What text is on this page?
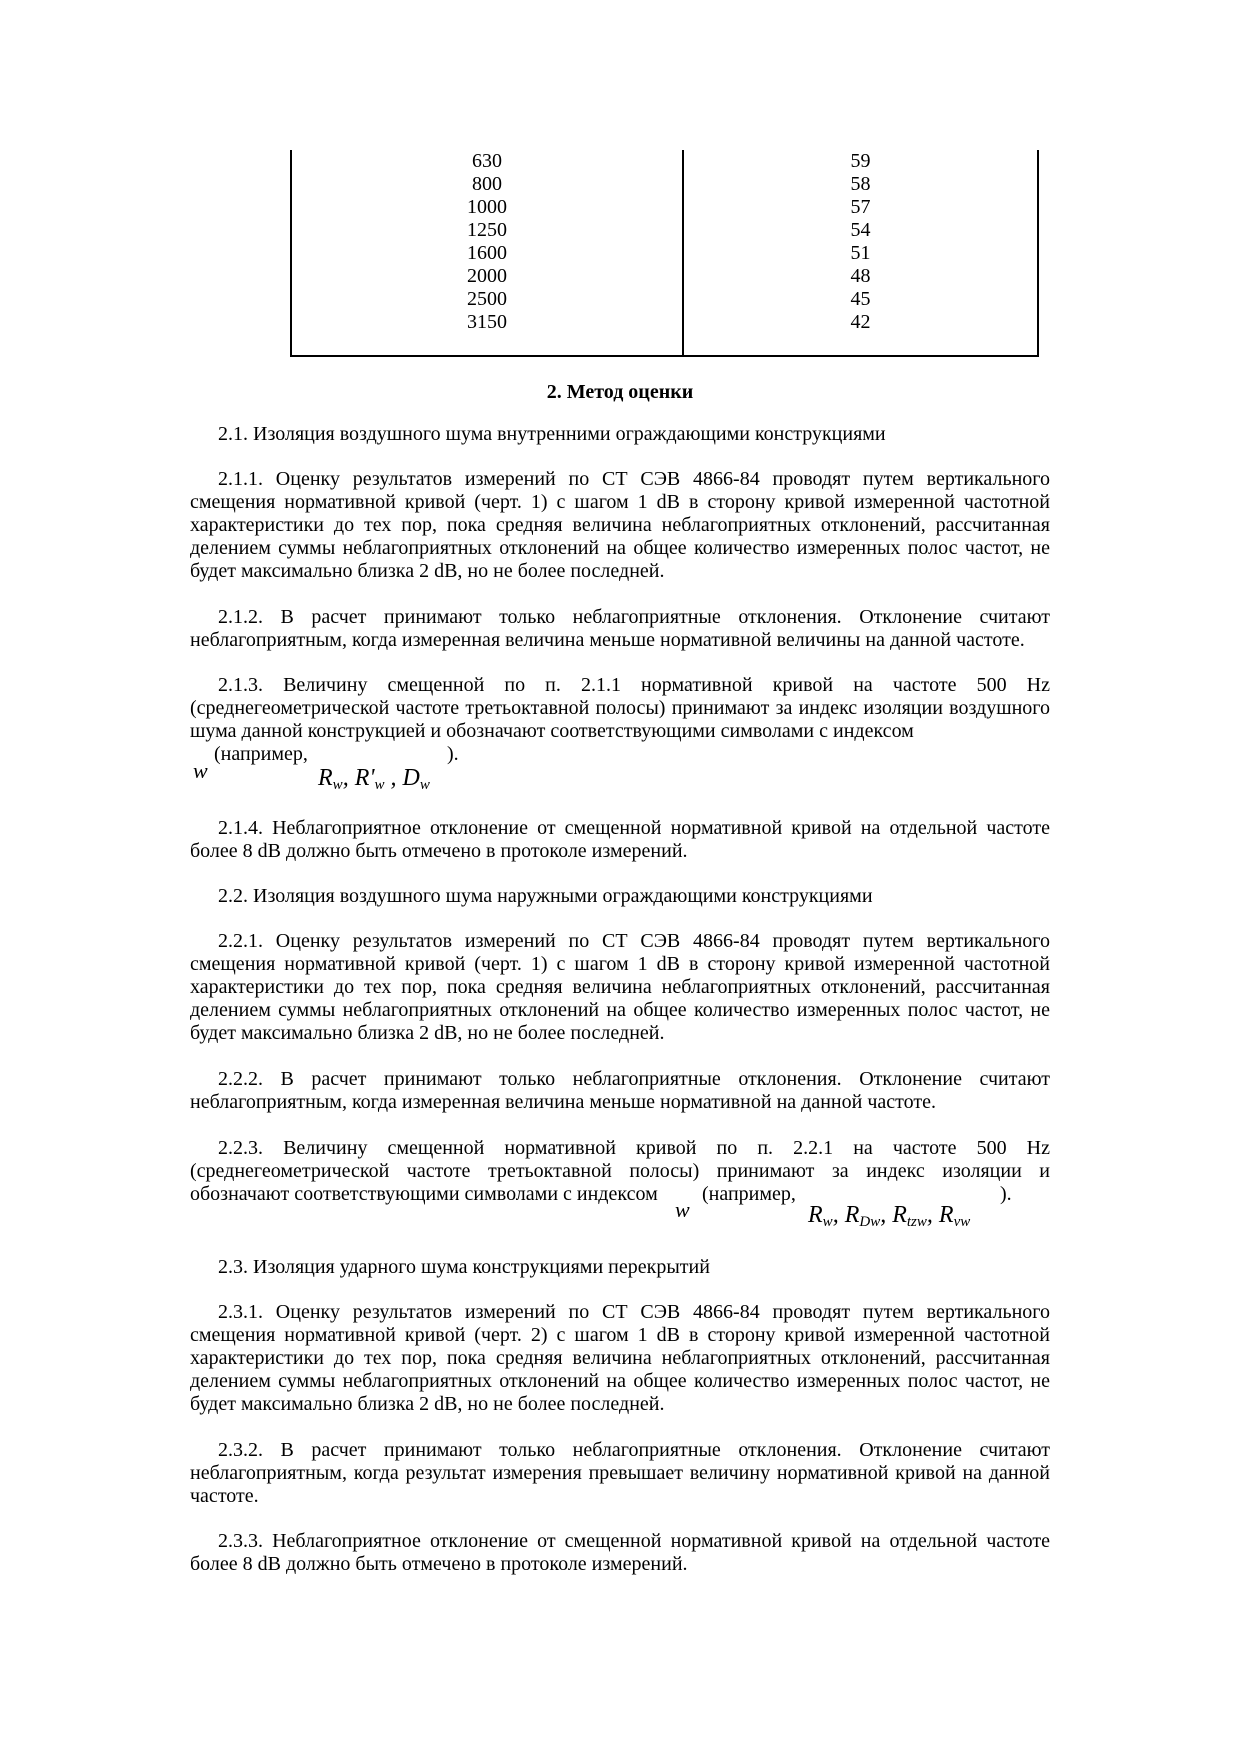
630
800
1000
1250
1600
2000
2500
3150
59
58
57
54
51
48
45
42
2. Метод оценки

2.1. Изоляция воздушного шума внутренними ограждающими конструкциями

2.1.1. Оценку результатов измерений по СТ СЭВ 4866-84 проводят путем вертикального смещения нормативной кривой (черт. 1) с шагом 1 dB в сторону кривой измеренной частотной характеристики до тех пор, пока средняя величина неблагоприятных отклонений, рассчитанная делением суммы неблагоприятных отклонений на общее количество измеренных полос частот, не будет максимально близка 2 dB, но не более последней.

2.1.2. В расчет принимают только неблагоприятные отклонения. Отклонение считают неблагоприятным, когда измеренная величина меньше нормативной величины на данной частоте.

2.1.3. Величину смещенной по п. 2.1.1 нормативной кривой на частоте 500 Hz (среднегеометрической частоте третьоктавной полосы) принимают за индекс изоляции воздушного шума данной конструкцией и обозначают соответствующими символами с индексом

w
(например,	).
$R_w$, $R'_w$ , $D_w$

2.1.4. Неблагоприятное отклонение от смещенной нормативной кривой на отдельной частоте более 8 dB должно быть отмечено в протоколе измерений.

2.2. Изоляция воздушного шума наружными ограждающими конструкциями

2.2.1. Оценку результатов измерений по СТ СЭВ 4866-84 проводят путем вертикального смещения нормативной кривой (черт. 1) с шагом 1 dB в сторону кривой измеренной частотной характеристики до тех пор, пока средняя величина неблагоприятных отклонений, рассчитанная делением суммы неблагоприятных отклонений на общее количество измеренных полос частот, не будет максимально близка 2 dB, но не более последней.

2.2.2. В расчет принимают только неблагоприятные отклонения. Отклонение считают неблагоприятным, когда измеренная величина меньше нормативной на данной частоте.

2.2.3. Величину смещенной нормативной кривой по п. 2.2.1 на частоте 500 Hz (среднегеометрической частоте третьоктавной полосы) принимают за индекс изоляции и обозначают соответствующими символами с индексом

w
(например,	).
$R_w$, $R_{Dw}$, $R_{tzw}$, $R_{vw}$

2.3. Изоляция ударного шума конструкциями перекрытий

2.3.1. Оценку результатов измерений по СТ СЭВ 4866-84 проводят путем вертикального смещения нормативной кривой (черт. 2) с шагом 1 dB в сторону кривой измеренной частотной характеристики до тех пор, пока средняя величина неблагоприятных отклонений, рассчитанная делением суммы неблагоприятных отклонений на общее количество измеренных полос частот, не будет максимально близка 2 dB, но не более последней.

2.3.2. В расчет принимают только неблагоприятные отклонения. Отклонение считают неблагоприятным, когда результат измерения превышает величину нормативной кривой на данной частоте.

2.3.3. Неблагоприятное отклонение от смещенной нормативной кривой на отдельной частоте более 8 dB должно быть отмечено в протоколе измерений.
